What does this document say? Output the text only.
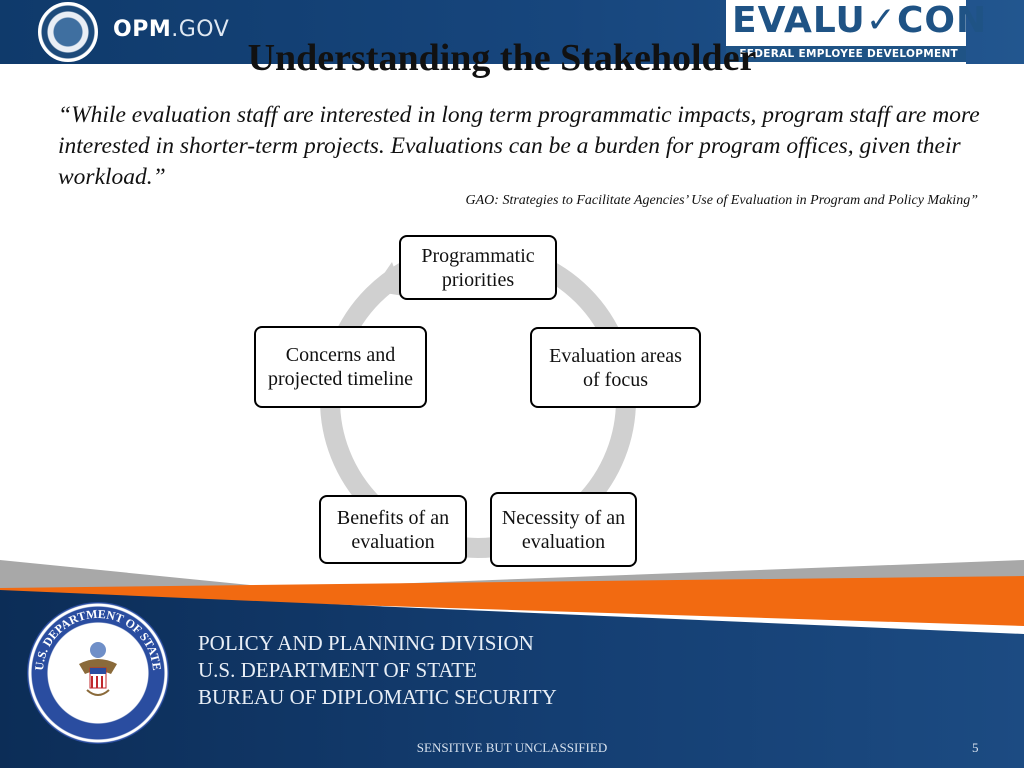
OPM.GOV	EVALU✓CON
FEDERAL EMPLOYEE DEVELOPMENT
Understanding the Stakeholder
“While evaluation staff are interested in long term programmatic impacts, program staff are more interested in shorter-term projects. Evaluations can be a burden for program offices, given their workload.”
GAO: Strategies to Facilitate Agencies’ Use of Evaluation in Program and Policy Making”
Programmatic priorities
Evaluation areas of focus
Necessity of an evaluation
Benefits of an evaluation
Concerns and projected timeline
U.S. DEPARTMENT OF STATE
DIPLOMATIC SECURITY
POLICY AND PLANNING DIVISION
U.S. DEPARTMENT OF STATE
BUREAU OF DIPLOMATIC SECURITY
SENSITIVE BUT UNCLASSIFIED	5
